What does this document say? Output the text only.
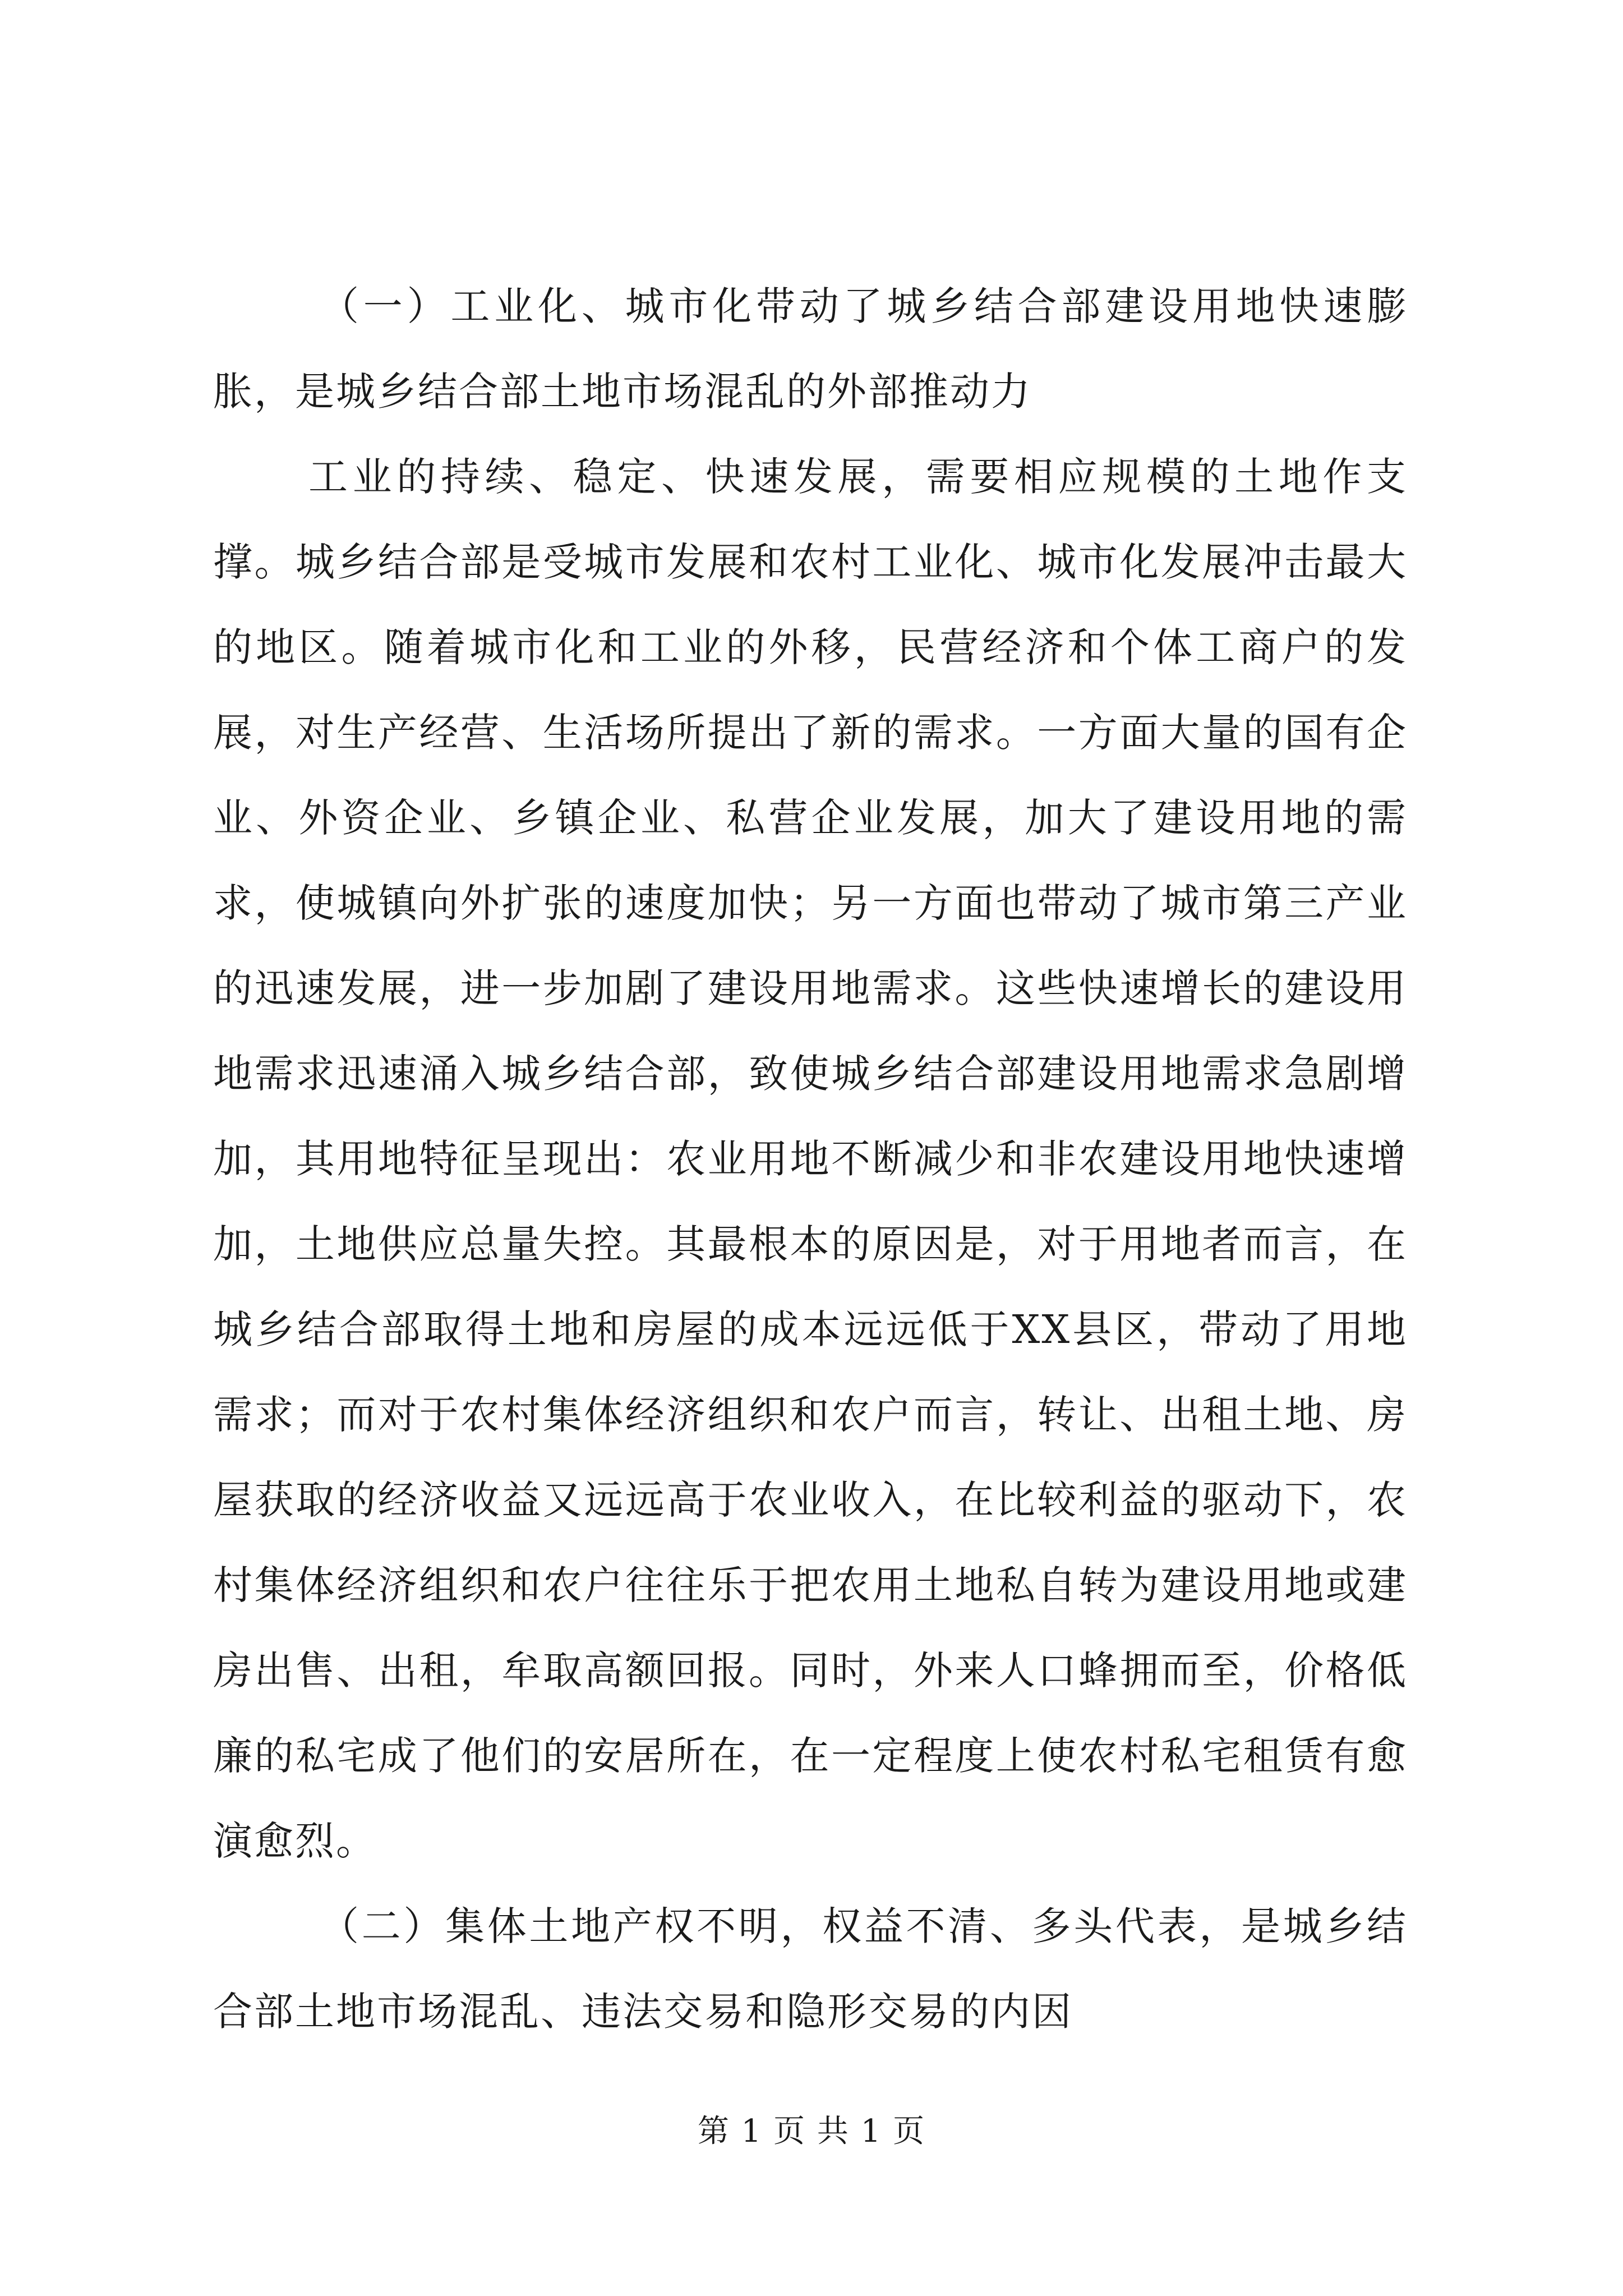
（一）工业化、城市化带动了城乡结合部建设用地快速膨胀，是城乡结合部土地市场混乱的外部推动力

工业的持续、稳定、快速发展，需要相应规模的土地作支撑。城乡结合部是受城市发展和农村工业化、城市化发展冲击最大的地区。随着城市化和工业的外移，民营经济和个体工商户的发展，对生产经营、生活场所提出了新的需求。一方面大量的国有企业、外资企业、乡镇企业、私营企业发展，加大了建设用地的需求，使城镇向外扩张的速度加快；另一方面也带动了城市第三产业的迅速发展，进一步加剧了建设用地需求。这些快速增长的建设用地需求迅速涌入城乡结合部，致使城乡结合部建设用地需求急剧增加，其用地特征呈现出：农业用地不断减少和非农建设用地快速增加，土地供应总量失控。其最根本的原因是，对于用地者而言，在城乡结合部取得土地和房屋的成本远远低于XX县区，带动了用地需求；而对于农村集体经济组织和农户而言，转让、出租土地、房屋获取的经济收益又远远高于农业收入，在比较利益的驱动下，农村集体经济组织和农户往往乐于把农用土地私自转为建设用地或建房出售、出租，牟取高额回报。同时，外来人口蜂拥而至，价格低廉的私宅成了他们的安居所在，在一定程度上使农村私宅租赁有愈演愈烈。

（二）集体土地产权不明，权益不清、多头代表，是城乡结合部土地市场混乱、违法交易和隐形交易的内因

第 1 页 共 1 页
